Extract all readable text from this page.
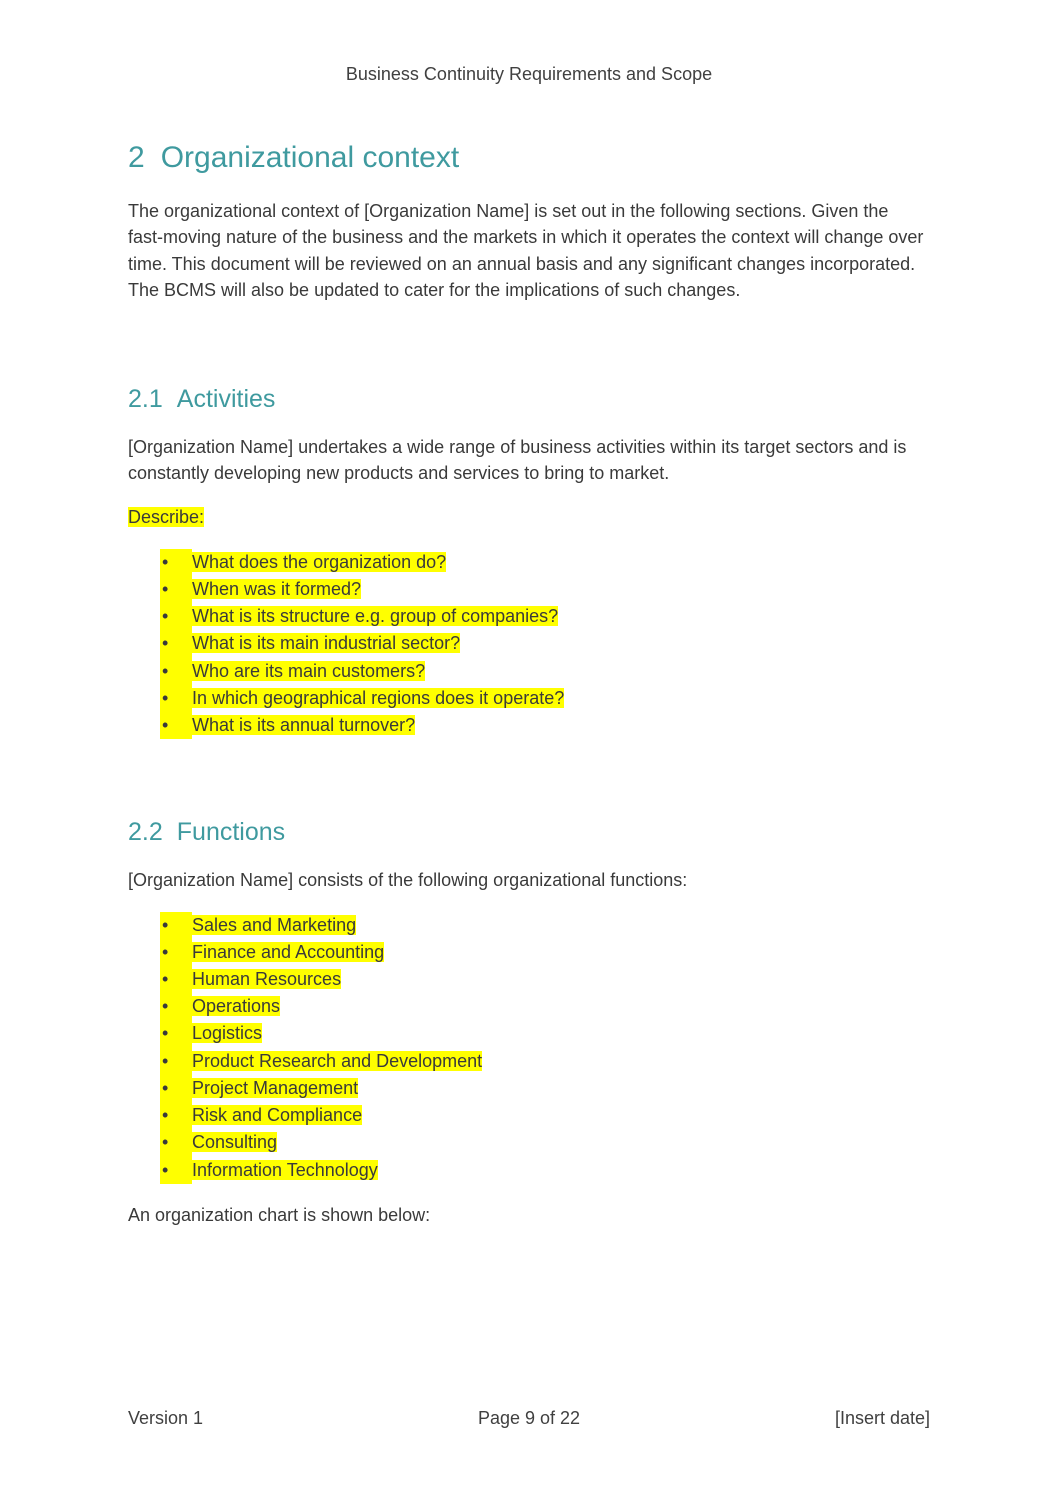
Business Continuity Requirements and Scope
2 Organizational context

The organizational context of [Organization Name] is set out in the following sections. Given the fast-moving nature of the business and the markets in which it operates the context will change over time. This document will be reviewed on an annual basis and any significant changes incorporated. The BCMS will also be updated to cater for the implications of such changes.

2.1 Activities

[Organization Name] undertakes a wide range of business activities within its target sectors and is constantly developing new products and services to bring to market.

Describe:

•	What does the organization do?
•	When was it formed?
•	What is its structure e.g. group of companies?
•	What is its main industrial sector?
•	Who are its main customers?
•	In which geographical regions does it operate?
•	What is its annual turnover?
2.2 Functions

[Organization Name] consists of the following organizational functions:

•	Sales and Marketing
•	Finance and Accounting
•	Human Resources
•	Operations
•	Logistics
•	Product Research and Development
•	Project Management
•	Risk and Compliance
•	Consulting
•	Information Technology

An organization chart is shown below:

Version 1	Page 9 of 22	[Insert date]
